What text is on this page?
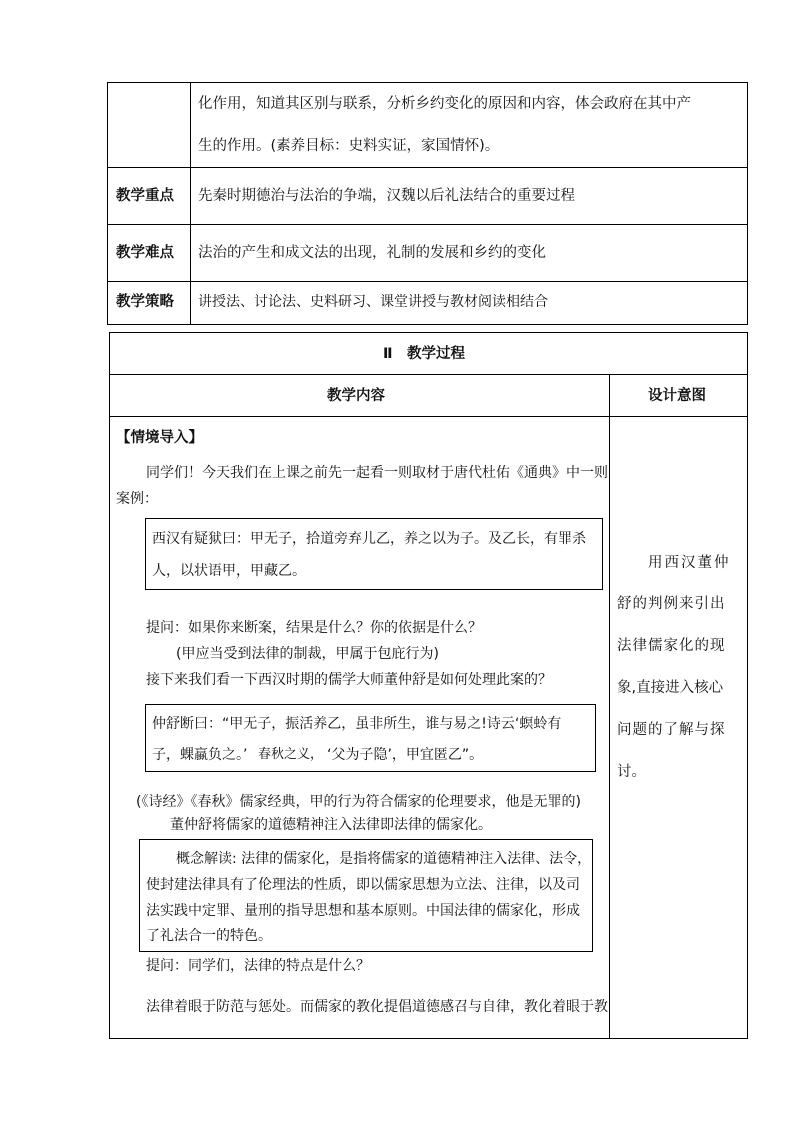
化作用，知道其区别与联系，分析乡约变化的原因和内容，体会政府在其中产
生的作用。(素养目标：史料实证，家国情怀)。
教学重点 先秦时期德治与法治的争端，汉魏以后礼法结合的重要过程
教学难点 法治的产生和成文法的出现，礼制的发展和乡约的变化
教学策略 讲授法、讨论法、史料研习、课堂讲授与教材阅读相结合
Ⅱ　教学过程
教学内容	设计意图
用西汉董仲
舒的判例来引出
法律儒家化的现
象,直接进入核心
问题的了解与探
讨。
【情境导入】
同学们！今天我们在上课之前先一起看一则取材于唐代杜佑《通典》中一则
案例：
西汉有疑狱曰：甲无子，拾道旁弃儿乙，养之以为子。及乙长，有罪杀
人，以状语甲，甲藏乙。
提问：如果你来断案，结果是什么？你的依据是什么？
(甲应当受到法律的制裁，甲属于包庇行为)
接下来我们看一下西汉时期的儒学大师董仲舒是如何处理此案的？
仲舒断曰：“甲无子，振活养乙，虽非所生，谁与易之!诗云‘螟蛉有
子，蜾蠃负之。’ 春秋之义， ‘父为子隐’，甲宜匿乙”。
(《诗经》《春秋》儒家经典，甲的行为符合儒家的伦理要求，他是无罪的)
董仲舒将儒家的道德精神注入法律即法律的儒家化。
概念解读: 法律的儒家化，是指将儒家的道德精神注入法律、法令，
使封建法律具有了伦理法的性质，即以儒家思想为立法、注律，以及司
法实践中定罪、量刑的指导思想和基本原则。中国法律的儒家化，形成
了礼法合一的特色。
提问：同学们，法律的特点是什么？
法律着眼于防范与惩处。而儒家的教化提倡道德感召与自律，教化着眼于教
